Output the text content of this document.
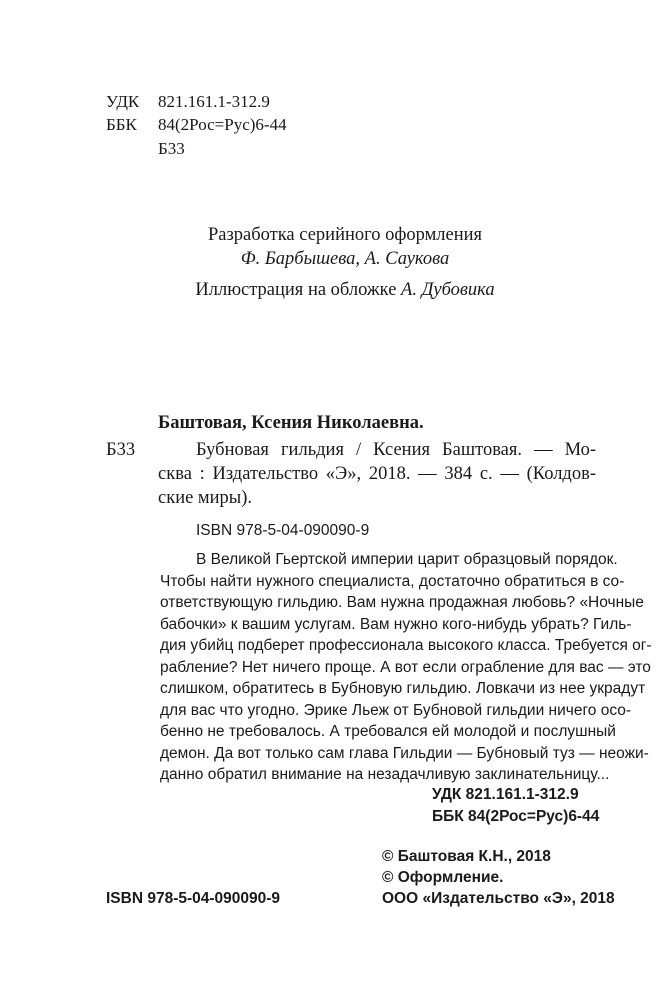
УДК 821.161.1-312.9
ББК 84(2Рос=Рус)6-44
Б33
Разработка серийного оформления
Ф. Барбышева, А. Саукова
Иллюстрация на обложке А. Дубовика
Баштовая, Ксения Николаевна.
Б33	Бубновая гильдия / Ксения Баштовая. — Мо-
сква : Издательство «Э», 2018. — 384 с. — (Колдов-
ские миры).
ISBN 978-5-04-090090-9
В Великой Гьертской империи царит образцовый порядок.
Чтобы найти нужного специалиста, достаточно обратиться в со-
ответствующую гильдию. Вам нужна продажная любовь? «Ночные
бабочки» к вашим услугам. Вам нужно кого-нибудь убрать? Гиль-
дия убийц подберет профессионала высокого класса. Требуется ог-
рабление? Нет ничего проще. А вот если ограбление для вас — это
слишком, обратитесь в Бубновую гильдию. Ловкачи из нее украдут
для вас что угодно. Эрике Льеж от Бубновой гильдии ничего осо-
бенно не требовалось. А требовался ей молодой и послушный
демон. Да вот только сам глава Гильдии — Бубновый туз — неожи-
данно обратил внимание на незадачливую заклинательницу...
УДК 821.161.1-312.9
ББК 84(2Рос=Рус)6-44
© Баштовая К.Н., 2018
© Оформление.
ISBN 978-5-04-090090-9	ООО «Издательство «Э», 2018
